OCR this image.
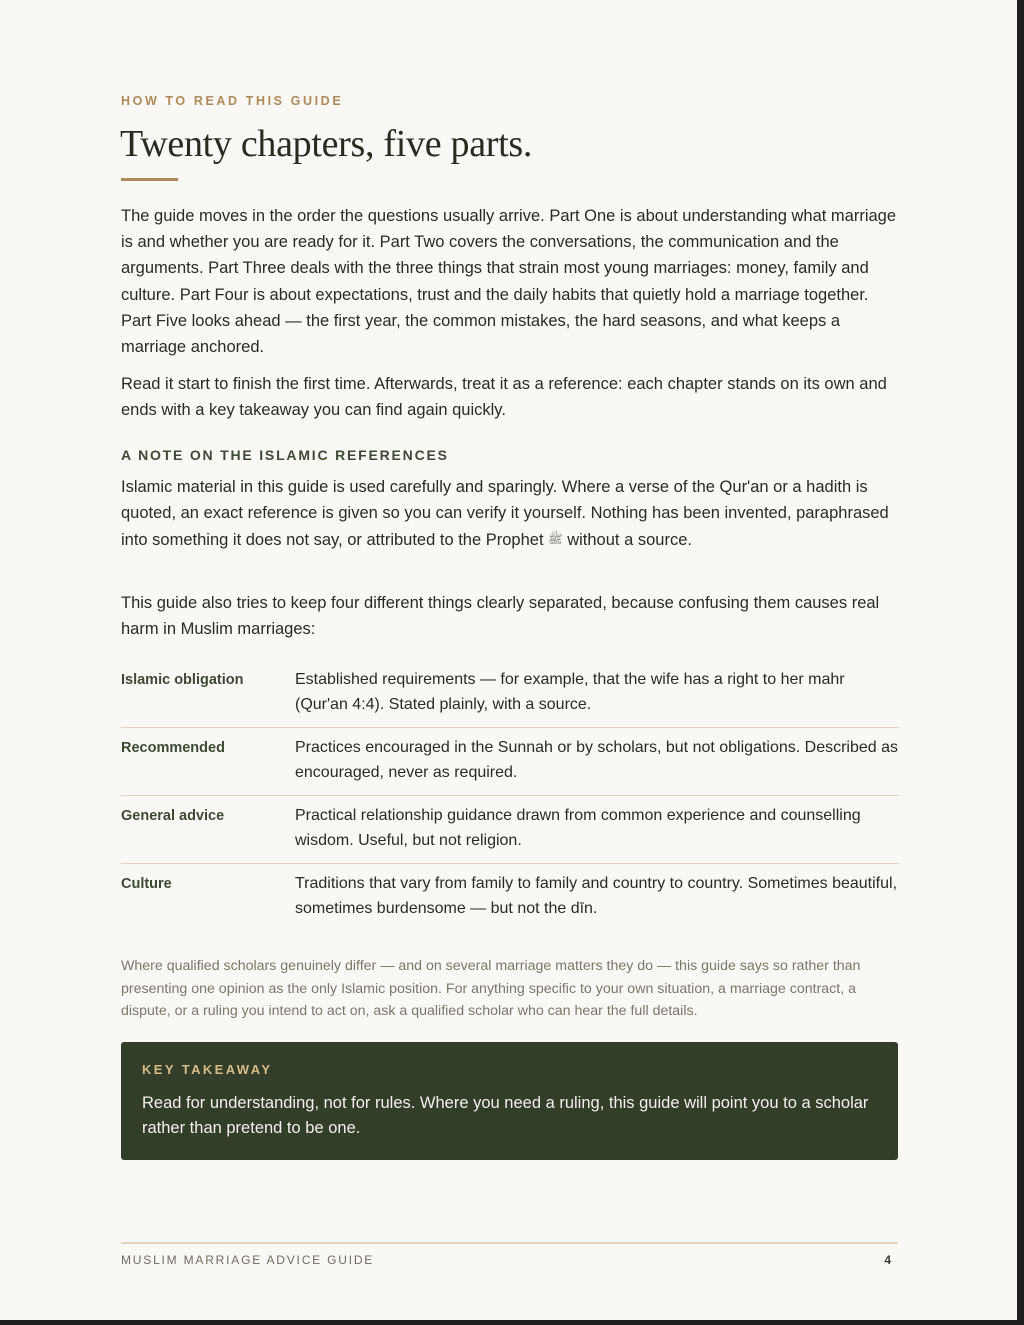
HOW TO READ THIS GUIDE
Twenty chapters, five parts.

The guide moves in the order the questions usually arrive. Part One is about understanding what marriage is and whether you are ready for it. Part Two covers the conversations, the communication and the arguments. Part Three deals with the three things that strain most young marriages: money, family and culture. Part Four is about expectations, trust and the daily habits that quietly hold a marriage together. Part Five looks ahead — the first year, the common mistakes, the hard seasons, and what keeps a marriage anchored.

Read it start to finish the first time. Afterwards, treat it as a reference: each chapter stands on its own and ends with a key takeaway you can find again quickly.

A NOTE ON THE ISLAMIC REFERENCES

Islamic material in this guide is used carefully and sparingly. Where a verse of the Qur'an or a hadith is quoted, an exact reference is given so you can verify it yourself. Nothing has been invented, paraphrased into something it does not say, or attributed to the Prophet ﷺ without a source.

This guide also tries to keep four different things clearly separated, because confusing them causes real harm in Muslim marriages:

Islamic obligation	Established requirements — for example, that the wife has a right to her mahr (Qur'an 4:4). Stated plainly, with a source.
Recommended	Practices encouraged in the Sunnah or by scholars, but not obligations. Described as encouraged, never as required.
General advice	Practical relationship guidance drawn from common experience and counselling wisdom. Useful, but not religion.
Culture	Traditions that vary from family to family and country to country. Sometimes beautiful, sometimes burdensome — but not the dīn.

Where qualified scholars genuinely differ — and on several marriage matters they do — this guide says so rather than presenting one opinion as the only Islamic position. For anything specific to your own situation, a marriage contract, a dispute, or a ruling you intend to act on, ask a qualified scholar who can hear the full details.

KEY TAKEAWAY
Read for understanding, not for rules. Where you need a ruling, this guide will point you to a scholar rather than pretend to be one.
MUSLIM MARRIAGE ADVICE GUIDE	4
